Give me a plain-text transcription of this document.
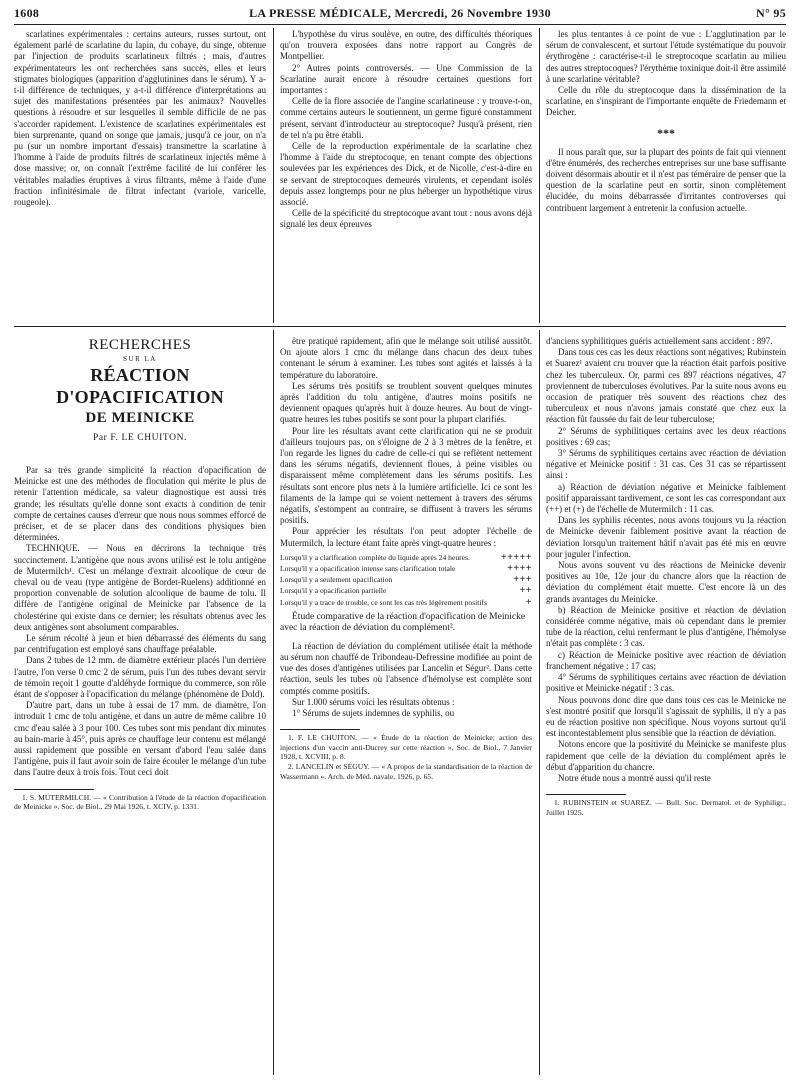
1608	LA PRESSE MÉDICALE, Mercredi, 26 Novembre 1930	N° 95

scarlatines expérimentales : certains auteurs, russes surtout, ont également parlé de scarlatine du lapin, du cobaye, du singe, obtenue par l'injection de produits scarlatineux filtrés ; mais, d'autres expérimentateurs les ont recherchées sans succès, elles et leurs stigmates biologiques (apparition d'agglutinines dans le sérum). Y a-t-il différence de techniques, y a-t-il différence d'interprétations au sujet des manifestations présentées par les animaux? Nouvelles questions à résoudre et sur lesquelles il semble difficile de ne pas s'accorder rapidement. L'existence de scarlatines expérimentales est bien surprenante, quand on songe que jamais, jusqu'à ce jour, on n'a pu (sur un nombre important d'essais) transmettre la scarlatine à l'homme à l'aide de produits filtrés de scarlatineux injectés même à dose massive; or, on connaît l'extrême facilité de lui conférer les véritables maladies éruptives à virus filtrants, même à l'aide d'une fraction infinitésimale de filtrat infectant (variole, varicelle, rougeole).

L'hypothèse du virus soulève, en outre, des difficultés théoriques qu'on trouvera exposées dans notre rapport au Congrès de Montpellier.

2° Autres points controversés. — Une Commission de la Scarlatine aurait encore à résoudre certaines questions fort importantes :

Celle de la flore associée de l'angine scarlatineuse : y trouve-t-on, comme certains auteurs le soutiennent, un germe figuré constamment présent, servant d'introducteur au streptocoque? Jusqu'à présent, rien de tel n'a pu être établi.

Celle de la reproduction expérimentale de la scarlatine chez l'homme à l'aide du streptocoque, en tenant compte des objections soulevées par les expériences des Dick, et de Nicolle, c'est-à-dire en se servant de streptocoques demeurés virulents, et cependant isolés depuis assez longtemps pour ne plus héberger un hypothétique virus associé.

Celle de la spécificité du streptocoque avant tout : nous avons déjà signalé les deux épreuves

les plus tentantes à ce point de vue : L'agglutination par le sérum de convalescent, et surtout l'étude systématique du pouvoir érythrogène : caractérise-t-il le streptocoque scarlatin au milieu des autres streptocoques? l'érythème toxinique doit-il être assimilé à une scarlatine véritable?

Celle du rôle du streptocoque dans la dissémination de la scarlatine, en s'inspirant de l'importante enquête de Friedemann et Deicher.

***

Il nous paraît que, sur la plupart des points de fait qui viennent d'être énumérés, des recherches entreprises sur une base suffisante doivent désormais aboutir et il n'est pas téméraire de penser que la question de la scarlatine peut en sortir, sinon complètement élucidée, du moins débarrassée d'irritantes controverses qui contribuent largement à entretenir la confusion actuelle.

RECHERCHES
SUR LA
RÉACTION D'OPACIFICATION
DE MEINICKE
Par F. LE CHUITON.

Par sa très grande simplicité la réaction d'opacification de Meinicke est une des méthodes de floculation qui mérite le plus de retenir l'attention médicale, sa valeur diagnostique est aussi très grande; les résultats qu'elle donne sont exacts à condition de tenir compte de certaines causes d'erreur que nous nous sommes efforcé de préciser, et de se placer dans des conditions physiques bien déterminées.

TECHNIQUE. — Nous en décrirons la technique très succinctement. L'antigène que nous avons utilisé est le tolu antigène de Mutermilch¹. C'est un mélange d'extrait alcoolique de cœur de cheval ou de veau (type antigène de Bordet-Ruelens) additionné en proportion convenable de solution alcoolique de baume de tolu. Il diffère de l'antigène original de Meinicke par l'absence de la cholestérine qui existe dans ce dernier; les résultats obtenus avec les deux antigènes sont absolument comparables.

Le sérum récolté à jeun et bien débarrassé des éléments du sang par centrifugation est employé sans chauffage préalable.

Dans 2 tubes de 12 mm. de diamètre extérieur placés l'un derrière l'autre, l'on verse 0 cmc 2 de sérum, puis l'un des tubes devant servir de témoin reçoit 1 goutte d'aldéhyde formique du commerce, son rôle étant de s'opposer à l'opacification du mélange (phénomène de Dold).

D'autre part, dans un tube à essai de 17 mm. de diamètre, l'on introduit 1 cmc de tolu antigène, et dans un autre de même calibre 10 cmc d'eau salée à 3 pour 100. Ces tubes sont mis pendant dix minutes au bain-marie à 45°, puis après ce chauffage leur contenu est mélangé aussi rapidement que possible en versant d'abord l'eau salée dans l'antigène, puis il faut avoir soin de faire écouler le mélange d'un tube dans l'autre deux à trois fois. Tout ceci doit

1. S. MUTERMILCH. — « Contribution à l'étude de la réaction d'opacification de Meinicke ». Soc. de Biol., 29 Mai 1926, t. XCIV, p. 1331.

être pratiqué rapidement, afin que le mélange soit utilisé aussitôt. On ajoute alors 1 cmc du mélange dans chacun des deux tubes contenant le sérum à examiner. Les tubes sont agités et laissés à la température du laboratoire.

Les sérums très positifs se troublent souvent quelques minutes après l'addition du tolu antigène, d'autres moins positifs ne deviennent opaques qu'après huit à douze heures. Au bout de vingt-quatre heures les tubes positifs se sont pour la plupart clarifiés.

Pour lire les résultats avant cette clarification qui ne se produit d'ailleurs toujours pas, on s'éloigne de 2 à 3 mètres de la fenêtre, et l'on regarde les lignes du cadre de celle-ci qui se reflètent nettement dans les sérums négatifs, deviennent floues, à peine visibles ou disparaissent même complètement dans les sérums positifs. Les résultats sont encore plus nets à la lumière artificielle. Ici ce sont les filaments de la lampe qui se voient nettement à travers des sérums négatifs, s'estompent au contraire, se diffusent à travers les sérums positifs.

Pour apprécier les résultats l'on peut adopter l'échelle de Mutermilch, la lecture étant faite après vingt-quatre heures :

Lorsqu'il y a clarification complète du liquide après 24 heures.	+++++
Lorsqu'il y a opacification intense sans clarification totale	++++
Lorsqu'il y a seulement opacification	+++
Lorsqu'il y a opacification partielle	++
Lorsqu'il y a trace de trouble, ce sont les cas très légèrement positifs	+

Étude comparative de la réaction d'opacification de Meinicke avec la réaction de déviation du complément².

La réaction de déviation du complément utilisée était la méthode au sérum non chauffé de Tribondeau-Defressine modifiée au point de vue des doses d'antigènes utilisées par Lancelin et Ségur². Dans cette réaction, seuls les tubes où l'absence d'hémolyse est complète sont comptés comme positifs.

Sur 1.000 sérums voici les résultats obtenus :

1° Sérums de sujets indemnes de syphilis, ou

1. F. LE CHUITON. — « Étude de la réaction de Meinicke; action des injections d'un vaccin anti-Ducrey sur cette réaction », Soc. de Biol., 7 Janvier 1928, t. XCVIII, p. 8.

2. LANCELIN et SÉGUY. — « A propos de la standardisation de la réaction de Wassermann ». Arch. de Méd. navale, 1926, p. 65.

d'anciens syphilitiques guéris actuellement sans accident : 897.

Dans tous ces cas les deux réactions sont négatives; Rubinstein et Suarez¹ avaient cru trouver que la réaction était parfois positive chez les tuberculeux. Or, parmi ces 897 réactions négatives, 47 proviennent de tuberculoses évolutives. Par la suite nous avons eu occasion de pratiquer très souvent des réactions chez des tuberculeux et nous n'avons jamais constaté que chez eux la réaction fût faussée du fait de leur tuberculose;

2° Sérums de syphilitiques certains avec les deux réactions positives : 69 cas;

3° Sérums de syphilitiques certains avec réaction de déviation négative et Meinicke positif : 31 cas. Ces 31 cas se répartissent ainsi :

a) Réaction de déviation négative et Meinicke faiblement positif apparaissant tardivement, ce sont les cas correspondant aux (++) et (+) de l'échelle de Mutermilch : 11 cas.

Dans les syphilis récentes, nous avons toujours vu la réaction de Meinicke devenir faiblement positive avant la réaction de déviation lorsqu'un traitement hâtif n'avait pas été mis en œuvre pour juguler l'infection.

Nous avons souvent vu des réactions de Meinicke devenir positives au 10e, 12e jour du chancre alors que la réaction de déviation du complément était muette. C'est encore là un des grands avantages du Meinicke.

b) Réaction de Meinicke positive et réaction de déviation considérée comme négative, mais où cependant dans le premier tube de la réaction, celui renfermant le plus d'antigène, l'hémolyse n'était pas complète : 3 cas.

c) Réaction de Meinicke positive avec réaction de déviation franchement négative : 17 cas;

4° Sérums de syphilitiques certains avec réaction de déviation positive et Meinicke négatif : 3 cas.

Nous pouvons donc dire que dans tous ces cas le Meinicke ne s'est montré positif que lorsqu'il s'agissait de syphilis, il n'y a pas eu de réaction positive non spécifique. Nous voyons surtout qu'il est incontestablement plus sensible que la réaction de déviation.

Notons encore que la positivité du Meinicke se manifeste plus rapidement que celle de la déviation du complément après le début d'apparition du chancre.

Notre étude nous a montré aussi qu'il reste

1. RUBINSTEIN et SUAREZ. — Bull. Soc. Dermatol. et de Syphiligr., Juillet 1925.
